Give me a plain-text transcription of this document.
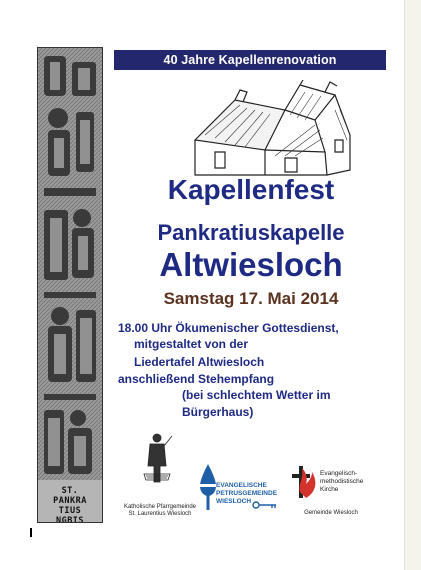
40 Jahre Kapellenrenovation
ST.
PANKRA
TIUS
NGBIS
Kapellenfest
Pankratiuskapelle
Altwiesloch
Samstag 17. Mai 2014
18.00 Uhr Ökumenischer Gottesdienst,
mitgestaltet von der
Liedertafel Altwiesloch
anschließend Stehempfang
(bei schlechtem Wetter im
Bürgerhaus)
Katholische Pfarrgemeinde
St. Laurentius Wiesloch
EVANGELISCHE
PETRUSGEMEINDE
WIESLOCH
Evangelisch-
methodistische
Kirche
Gemeinde Wiesloch
